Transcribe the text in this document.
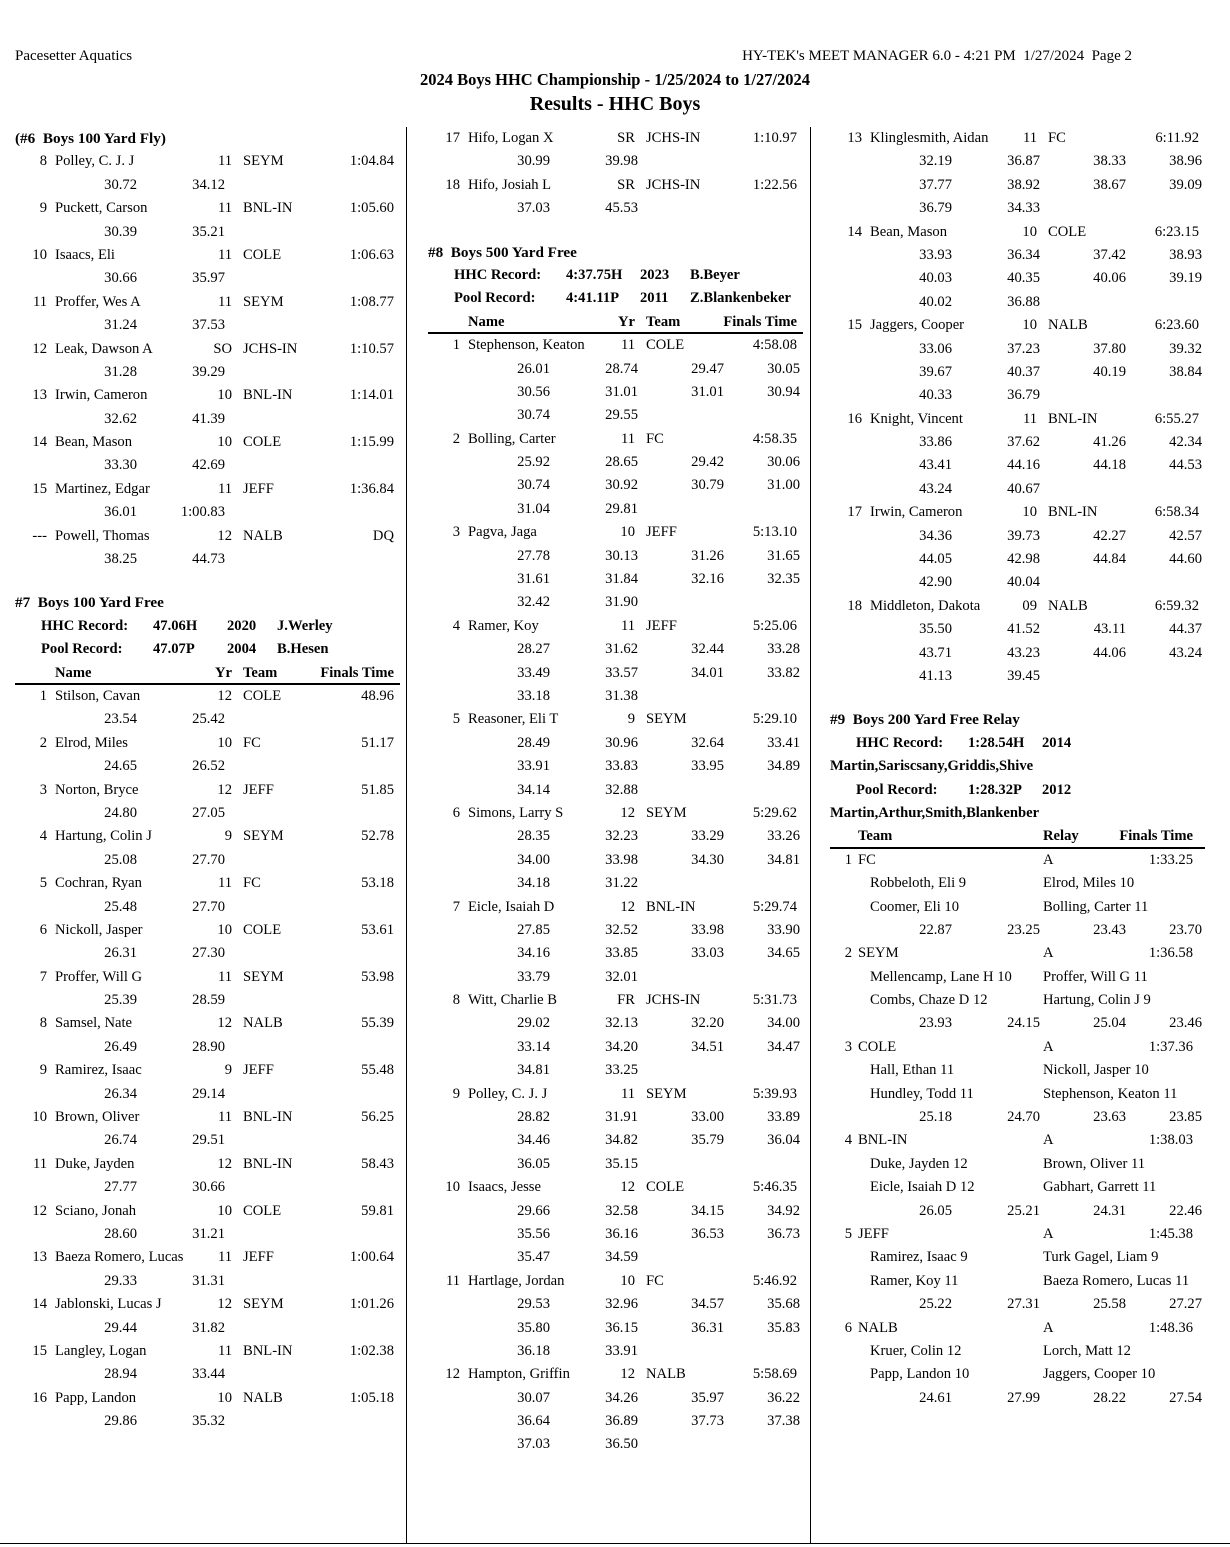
Pacesetter Aquatics	HY-TEK's MEET MANAGER 6.0 - 4:21 PM  1/27/2024  Page 2
2024 Boys HHC Championship - 1/25/2024 to 1/27/2024
Results - HHC Boys
(#6  Boys 100 Yard Fly)
8 Polley, C. J. J	11 SEYM	1:04.84
30.72	34.12
9 Puckett, Carson	11 BNL-IN	1:05.60
30.39	35.21
10 Isaacs, Eli	11 COLE	1:06.63
30.66	35.97
11 Proffer, Wes A	11 SEYM	1:08.77
31.24	37.53
12 Leak, Dawson A	SO JCHS-IN	1:10.57
31.28	39.29
13 Irwin, Cameron	10 BNL-IN	1:14.01
32.62	41.39
14 Bean, Mason	10 COLE	1:15.99
33.30	42.69
15 Martinez, Edgar	11 JEFF	1:36.84
36.01	1:00.83
--- Powell, Thomas	12 NALB	DQ
38.25	44.73
#7  Boys 100 Yard Free
HHC Record:	47.06H	2020	J.Werley
Pool Record:	47.07P	2004	B.Hesen
Name	Yr Team	Finals Time
1 Stilson, Cavan	12 COLE	48.96
23.54	25.42
2 Elrod, Miles	10 FC	51.17
24.65	26.52
3 Norton, Bryce	12 JEFF	51.85
24.80	27.05
4 Hartung, Colin J	9 SEYM	52.78
25.08	27.70
5 Cochran, Ryan	11 FC	53.18
25.48	27.70
6 Nickoll, Jasper	10 COLE	53.61
26.31	27.30
7 Proffer, Will G	11 SEYM	53.98
25.39	28.59
8 Samsel, Nate	12 NALB	55.39
26.49	28.90
9 Ramirez, Isaac	9 JEFF	55.48
26.34	29.14
10 Brown, Oliver	11 BNL-IN	56.25
26.74	29.51
11 Duke, Jayden	12 BNL-IN	58.43
27.77	30.66
12 Sciano, Jonah	10 COLE	59.81
28.60	31.21
13 Baeza Romero, Lucas	11 JEFF	1:00.64
29.33	31.31
14 Jablonski, Lucas J	12 SEYM	1:01.26
29.44	31.82
15 Langley, Logan	11 BNL-IN	1:02.38
28.94	33.44
16 Papp, Landon	10 NALB	1:05.18
29.86	35.32
17 Hifo, Logan X	SR JCHS-IN	1:10.97
30.99	39.98
18 Hifo, Josiah L	SR JCHS-IN	1:22.56
37.03	45.53
#8  Boys 500 Yard Free
HHC Record:	4:37.75H	2023	B.Beyer
Pool Record:	4:41.11P	2011	Z.Blankenbeker
Name	Yr Team	Finals Time
1 Stephenson, Keaton	11 COLE	4:58.08
26.01	28.74	29.47	30.05
30.56	31.01	31.01	30.94
30.74	29.55
2 Bolling, Carter	11 FC	4:58.35
25.92	28.65	29.42	30.06
30.74	30.92	30.79	31.00
31.04	29.81
3 Pagva, Jaga	10 JEFF	5:13.10
27.78	30.13	31.26	31.65
31.61	31.84	32.16	32.35
32.42	31.90
4 Ramer, Koy	11 JEFF	5:25.06
28.27	31.62	32.44	33.28
33.49	33.57	34.01	33.82
33.18	31.38
5 Reasoner, Eli T	9 SEYM	5:29.10
28.49	30.96	32.64	33.41
33.91	33.83	33.95	34.89
34.14	32.88
6 Simons, Larry S	12 SEYM	5:29.62
28.35	32.23	33.29	33.26
34.00	33.98	34.30	34.81
34.18	31.22
7 Eicle, Isaiah D	12 BNL-IN	5:29.74
27.85	32.52	33.98	33.90
34.16	33.85	33.03	34.65
33.79	32.01
8 Witt, Charlie B	FR JCHS-IN	5:31.73
29.02	32.13	32.20	34.00
33.14	34.20	34.51	34.47
34.81	33.25
9 Polley, C. J. J	11 SEYM	5:39.93
28.82	31.91	33.00	33.89
34.46	34.82	35.79	36.04
36.05	35.15
10 Isaacs, Jesse	12 COLE	5:46.35
29.66	32.58	34.15	34.92
35.56	36.16	36.53	36.73
35.47	34.59
11 Hartlage, Jordan	10 FC	5:46.92
29.53	32.96	34.57	35.68
35.80	36.15	36.31	35.83
36.18	33.91
12 Hampton, Griffin	12 NALB	5:58.69
30.07	34.26	35.97	36.22
36.64	36.89	37.73	37.38
37.03	36.50
13 Klinglesmith, Aidan	11 FC	6:11.92
32.19	36.87	38.33	38.96
37.77	38.92	38.67	39.09
36.79	34.33
14 Bean, Mason	10 COLE	6:23.15
33.93	36.34	37.42	38.93
40.03	40.35	40.06	39.19
40.02	36.88
15 Jaggers, Cooper	10 NALB	6:23.60
33.06	37.23	37.80	39.32
39.67	40.37	40.19	38.84
40.33	36.79
16 Knight, Vincent	11 BNL-IN	6:55.27
33.86	37.62	41.26	42.34
43.41	44.16	44.18	44.53
43.24	40.67
17 Irwin, Cameron	10 BNL-IN	6:58.34
34.36	39.73	42.27	42.57
44.05	42.98	44.84	44.60
42.90	40.04
18 Middleton, Dakota	09 NALB	6:59.32
35.50	41.52	43.11	44.37
43.71	43.23	44.06	43.24
41.13	39.45
#9  Boys 200 Yard Free Relay
HHC Record:	1:28.54H	2014
Martin,Sariscsany,Griddis,Shive
Pool Record:	1:28.32P	2012
Martin,Arthur,Smith,Blankenber
Team	Relay	Finals Time
1 FC	A	1:33.25
Robbeloth, Eli 9	Elrod, Miles 10
Coomer, Eli 10	Bolling, Carter 11
22.87	23.25	23.43	23.70
2 SEYM	A	1:36.58
Mellencamp, Lane H 10	Proffer, Will G 11
Combs, Chaze D 12	Hartung, Colin J 9
23.93	24.15	25.04	23.46
3 COLE	A	1:37.36
Hall, Ethan 11	Nickoll, Jasper 10
Hundley, Todd 11	Stephenson, Keaton 11
25.18	24.70	23.63	23.85
4 BNL-IN	A	1:38.03
Duke, Jayden 12	Brown, Oliver 11
Eicle, Isaiah D 12	Gabhart, Garrett 11
26.05	25.21	24.31	22.46
5 JEFF	A	1:45.38
Ramirez, Isaac 9	Turk Gagel, Liam 9
Ramer, Koy 11	Baeza Romero, Lucas 11
25.22	27.31	25.58	27.27
6 NALB	A	1:48.36
Kruer, Colin 12	Lorch, Matt 12
Papp, Landon 10	Jaggers, Cooper 10
24.61	27.99	28.22	27.54
